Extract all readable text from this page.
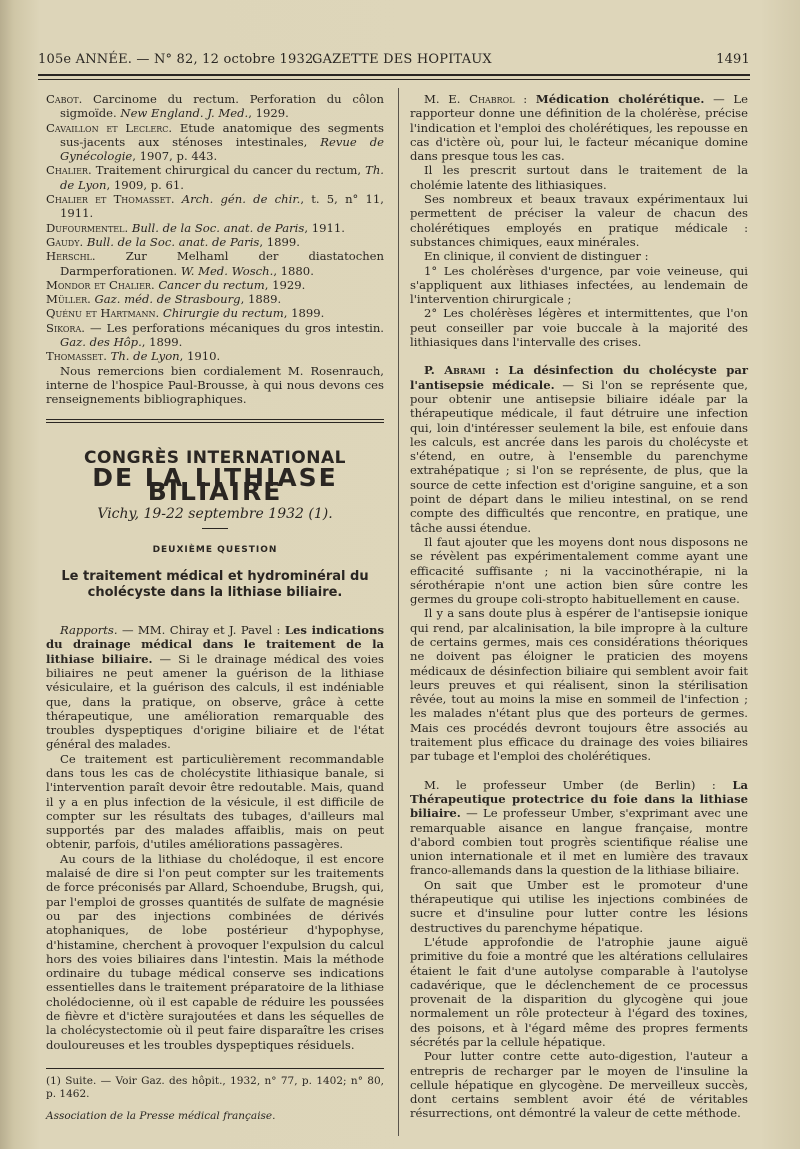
105e ANNÉE. — N° 82, 12 octobre 1932.
GAZETTE DES HOPITAUX	1491
Cabot. Carcinome du rectum. Perforation du côlon sigmoïde. New England. J. Med., 1929.
Cavaillon et Leclerc. Etude anatomique des segments sus-jacents aux sténoses intestinales, Revue de Gynécologie, 1907, p. 443.
Chalier. Traitement chirurgical du cancer du rectum, Th. de Lyon, 1909, p. 61.
Chalier et Thomasset. Arch. gén. de chir., t. 5, n° 11, 1911.
Dufourmentel. Bull. de la Soc. anat. de Paris, 1911.
Gaudy. Bull. de la Soc. anat. de Paris, 1899.
Herschl. Zur Melhaml der diastatochen Darmperforationen. W. Med. Wosch., 1880.
Mondor et Chalier. Cancer du rectum, 1929.
Müller. Gaz. méd. de Strasbourg, 1889.
Quénu et Hartmann. Chirurgie du rectum, 1899.
Sikora. — Les perforations mécaniques du gros intestin. Gaz. des Hôp., 1899.
Thomasset. Th. de Lyon, 1910.

Nous remercions bien cordialement M. Rosenrauch, interne de l'hospice Paul-Brousse, à qui nous devons ces renseignements bibliographiques.

CONGRÈS INTERNATIONAL
DE LA LITHIASE BILIAIRE
Vichy, 19-22 septembre 1932 (1).
DEUXIÈME QUESTION
Le traitement médical et hydrominéral du cholécyste dans la lithiase biliaire.

Rapports. — MM. Chiray et J. Pavel : Les indications du drainage médical dans le traitement de la lithiase biliaire. — Si le drainage médical des voies biliaires ne peut amener la guérison de la lithiase vésiculaire, et la guérison des calculs, il est indéniable que, dans la pratique, on observe, grâce à cette thérapeutique, une amélioration remarquable des troubles dyspeptiques d'origine biliaire et de l'état général des malades.

Ce traitement est particulièrement recommandable dans tous les cas de cholécystite lithiasique banale, si l'intervention paraît devoir être redoutable. Mais, quand il y a en plus infection de la vésicule, il est difficile de compter sur les résultats des tubages, d'ailleurs mal supportés par des malades affaiblis, mais on peut obtenir, parfois, d'utiles améliorations passagères.

Au cours de la lithiase du cholédoque, il est encore malaisé de dire si l'on peut compter sur les traitements de force préconisés par Allard, Schoendube, Brugsh, qui, par l'emploi de grosses quantités de sulfate de magnésie ou par des injections combinées de dérivés atophaniques, de lobe postérieur d'hypophyse, d'histamine, cherchent à provoquer l'expulsion du calcul hors des voies biliaires dans l'intestin. Mais la méthode ordinaire du tubage médical conserve ses indications essentielles dans le traitement préparatoire de la lithiase cholédocienne, où il est capable de réduire les poussées de fièvre et d'ictère surajoutées et dans les séquelles de la cholécystectomie où il peut faire disparaître les crises douloureuses et les troubles dyspeptiques résiduels.

(1) Suite. — Voir Gaz. des hôpit., 1932, n° 77, p. 1402; n° 80, p. 1462.
Association de la Presse médical française.

M. E. Chabrol : Médication cholérétique. — Le rapporteur donne une définition de la cholérèse, précise l'indication et l'emploi des cholérétiques, les repousse en cas d'ictère où, pour lui, le facteur mécanique domine dans presque tous les cas.

Il les prescrit surtout dans le traitement de la cholémie latente des lithiasiques.

Ses nombreux et beaux travaux expérimentaux lui permettent de préciser la valeur de chacun des cholérétiques employés en pratique médicale : substances chimiques, eaux minérales.

En clinique, il convient de distinguer :

1° Les cholérèses d'urgence, par voie veineuse, qui s'appliquent aux lithiases infectées, au lendemain de l'intervention chirurgicale ;

2° Les cholérèses légères et intermittentes, que l'on peut conseiller par voie buccale à la majorité des lithiasiques dans l'intervalle des crises.

P. Abrami : La désinfection du cholécyste par l'antisepsie médicale. — Si l'on se représente que, pour obtenir une antisepsie biliaire idéale par la thérapeutique médicale, il faut détruire une infection qui, loin d'intéresser seulement la bile, est enfouie dans les calculs, est ancrée dans les parois du cholécyste et s'étend, en outre, à l'ensemble du parenchyme extrahépatique ; si l'on se représente, de plus, que la source de cette infection est d'origine sanguine, et a son point de départ dans le milieu intestinal, on se rend compte des difficultés que rencontre, en pratique, une tâche aussi étendue.

Il faut ajouter que les moyens dont nous disposons ne se révèlent pas expérimentalement comme ayant une efficacité suffisante ; ni la vaccinothérapie, ni la sérothérapie n'ont une action bien sûre contre les germes du groupe coli-stropto habituellement en cause.

Il y a sans doute plus à espérer de l'antisepsie ionique qui rend, par alcalinisation, la bile impropre à la culture de certains germes, mais ces considérations théoriques ne doivent pas éloigner le praticien des moyens médicaux de désinfection biliaire qui semblent avoir fait leurs preuves et qui réalisent, sinon la stérilisation rêvée, tout au moins la mise en sommeil de l'infection ; les malades n'étant plus que des porteurs de germes. Mais ces procédés devront toujours être associés au traitement plus efficace du drainage des voies biliaires par tubage et l'emploi des cholérétiques.

M. le professeur Umber (de Berlin) : La Thérapeutique protectrice du foie dans la lithiase biliaire. — Le professeur Umber, s'exprimant avec une remarquable aisance en langue française, montre d'abord combien tout progrès scientifique réalise une union internationale et il met en lumière des travaux franco-allemands dans la question de la lithiase biliaire.

On sait que Umber est le promoteur d'une thérapeutique qui utilise les injections combinées de sucre et d'insuline pour lutter contre les lésions destructives du parenchyme hépatique.

L'étude approfondie de l'atrophie jaune aiguë primitive du foie a montré que les altérations cellulaires étaient le fait d'une autolyse comparable à l'autolyse cadavérique, que le déclenchement de ce processus provenait de la disparition du glycogène qui joue normalement un rôle protecteur à l'égard des toxines, des poisons, et à l'égard même des propres ferments sécrétés par la cellule hépatique.

Pour lutter contre cette auto-digestion, l'auteur a entrepris de recharger par le moyen de l'insuline la cellule hépatique en glycogène. De merveilleux succès, dont certains semblent avoir été de véritables résurrections, ont démontré la valeur de cette méthode.
